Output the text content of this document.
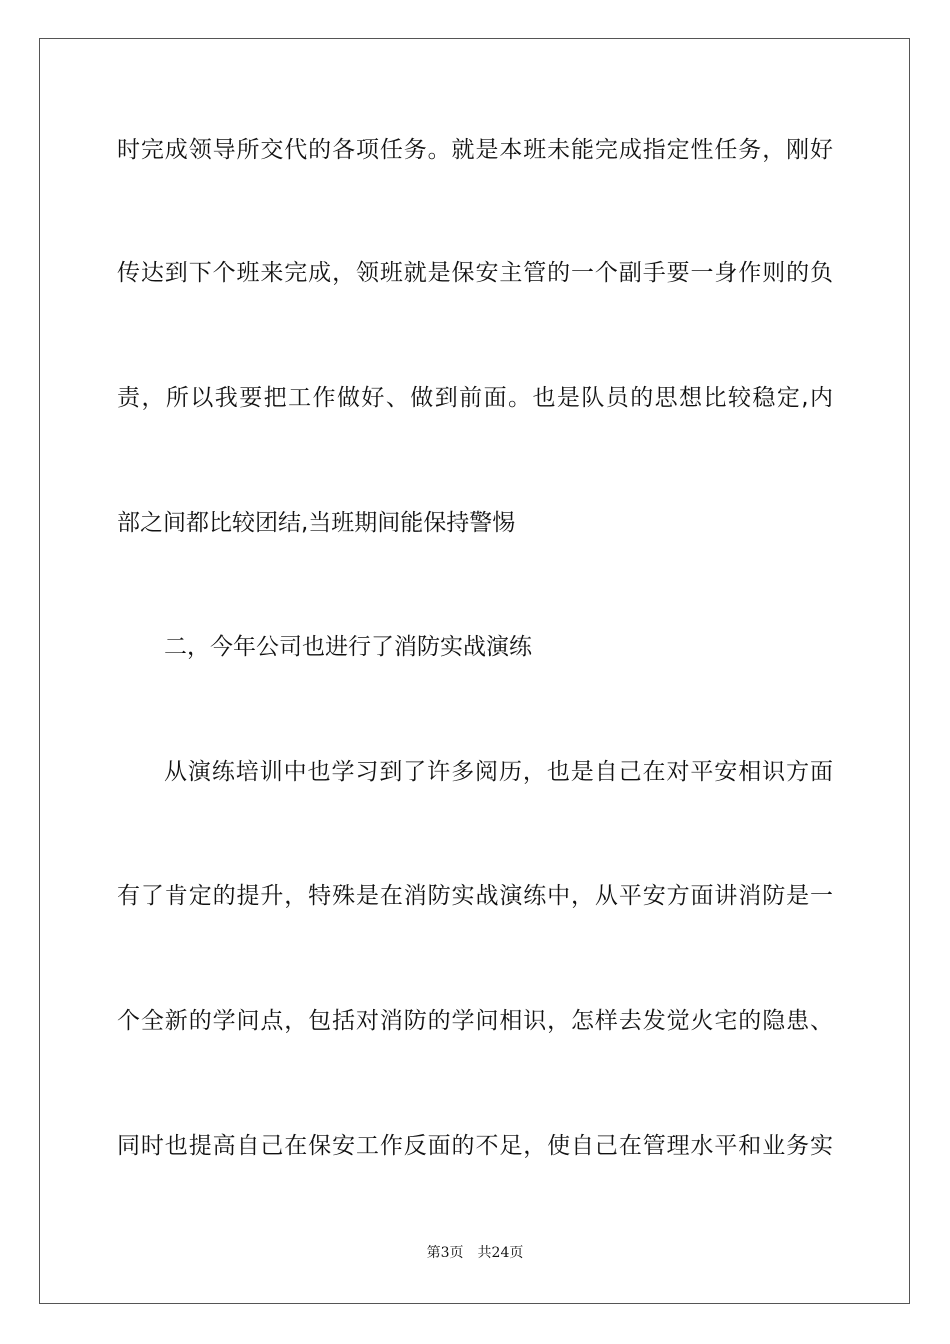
时完成领导所交代的各项任务。就是本班未能完成指定性任务，刚好
传达到下个班来完成，领班就是保安主管的一个副手要一身作则的负
责，所以我要把工作做好、做到前面。也是队员的思想比较稳定,内
部之间都比较团结,当班期间能保持警惕
二，今年公司也进行了消防实战演练
从演练培训中也学习到了许多阅历，也是自己在对平安相识方面
有了肯定的提升，特殊是在消防实战演练中，从平安方面讲消防是一
个全新的学问点，包括对消防的学问相识，怎样去发觉火宅的隐患、
同时也提高自己在保安工作反面的不足，使自己在管理水平和业务实
第3页 共24页
